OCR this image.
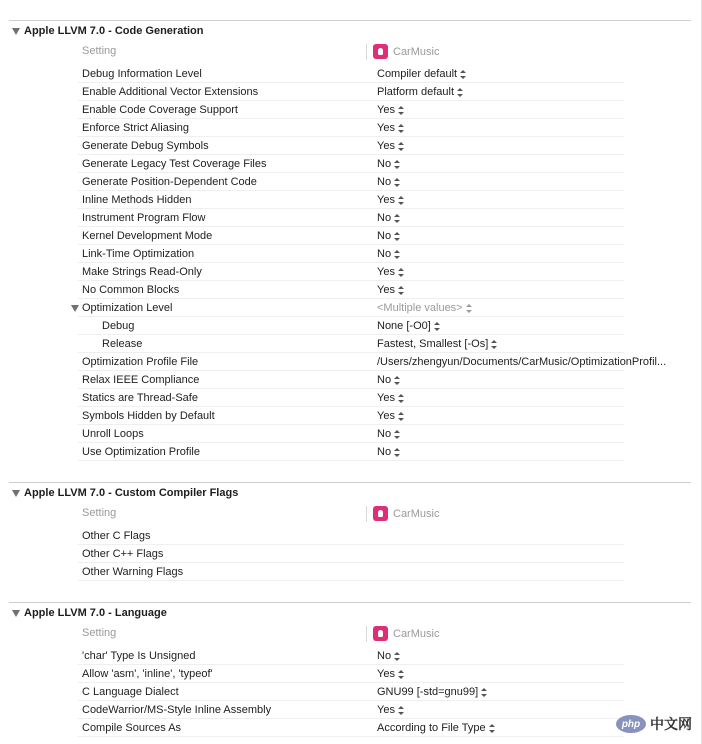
Apple LLVM 7.0 - Code Generation
Setting	CarMusic
Debug Information Level	Compiler default
Enable Additional Vector Extensions	Platform default
Enable Code Coverage Support	Yes
Enforce Strict Aliasing	Yes
Generate Debug Symbols	Yes
Generate Legacy Test Coverage Files	No
Generate Position-Dependent Code	No
Inline Methods Hidden	Yes
Instrument Program Flow	No
Kernel Development Mode	No
Link-Time Optimization	No
Make Strings Read-Only	Yes
No Common Blocks	Yes
Optimization Level	<Multiple values>
Debug	None [-O0]
Release	Fastest, Smallest [-Os]
Optimization Profile File	/Users/zhengyun/Documents/CarMusic/OptimizationProfil...
Relax IEEE Compliance	No
Statics are Thread-Safe	Yes
Symbols Hidden by Default	Yes
Unroll Loops	No
Use Optimization Profile	No
Apple LLVM 7.0 - Custom Compiler Flags
Setting	CarMusic
Other C Flags
Other C++ Flags
Other Warning Flags
Apple LLVM 7.0 - Language
Setting	CarMusic
'char' Type Is Unsigned	No
Allow 'asm', 'inline', 'typeof'	Yes
C Language Dialect	GNU99 [-std=gnu99]
CodeWarrior/MS-Style Inline Assembly	Yes
Compile Sources As	According to File Type	php 中文网
